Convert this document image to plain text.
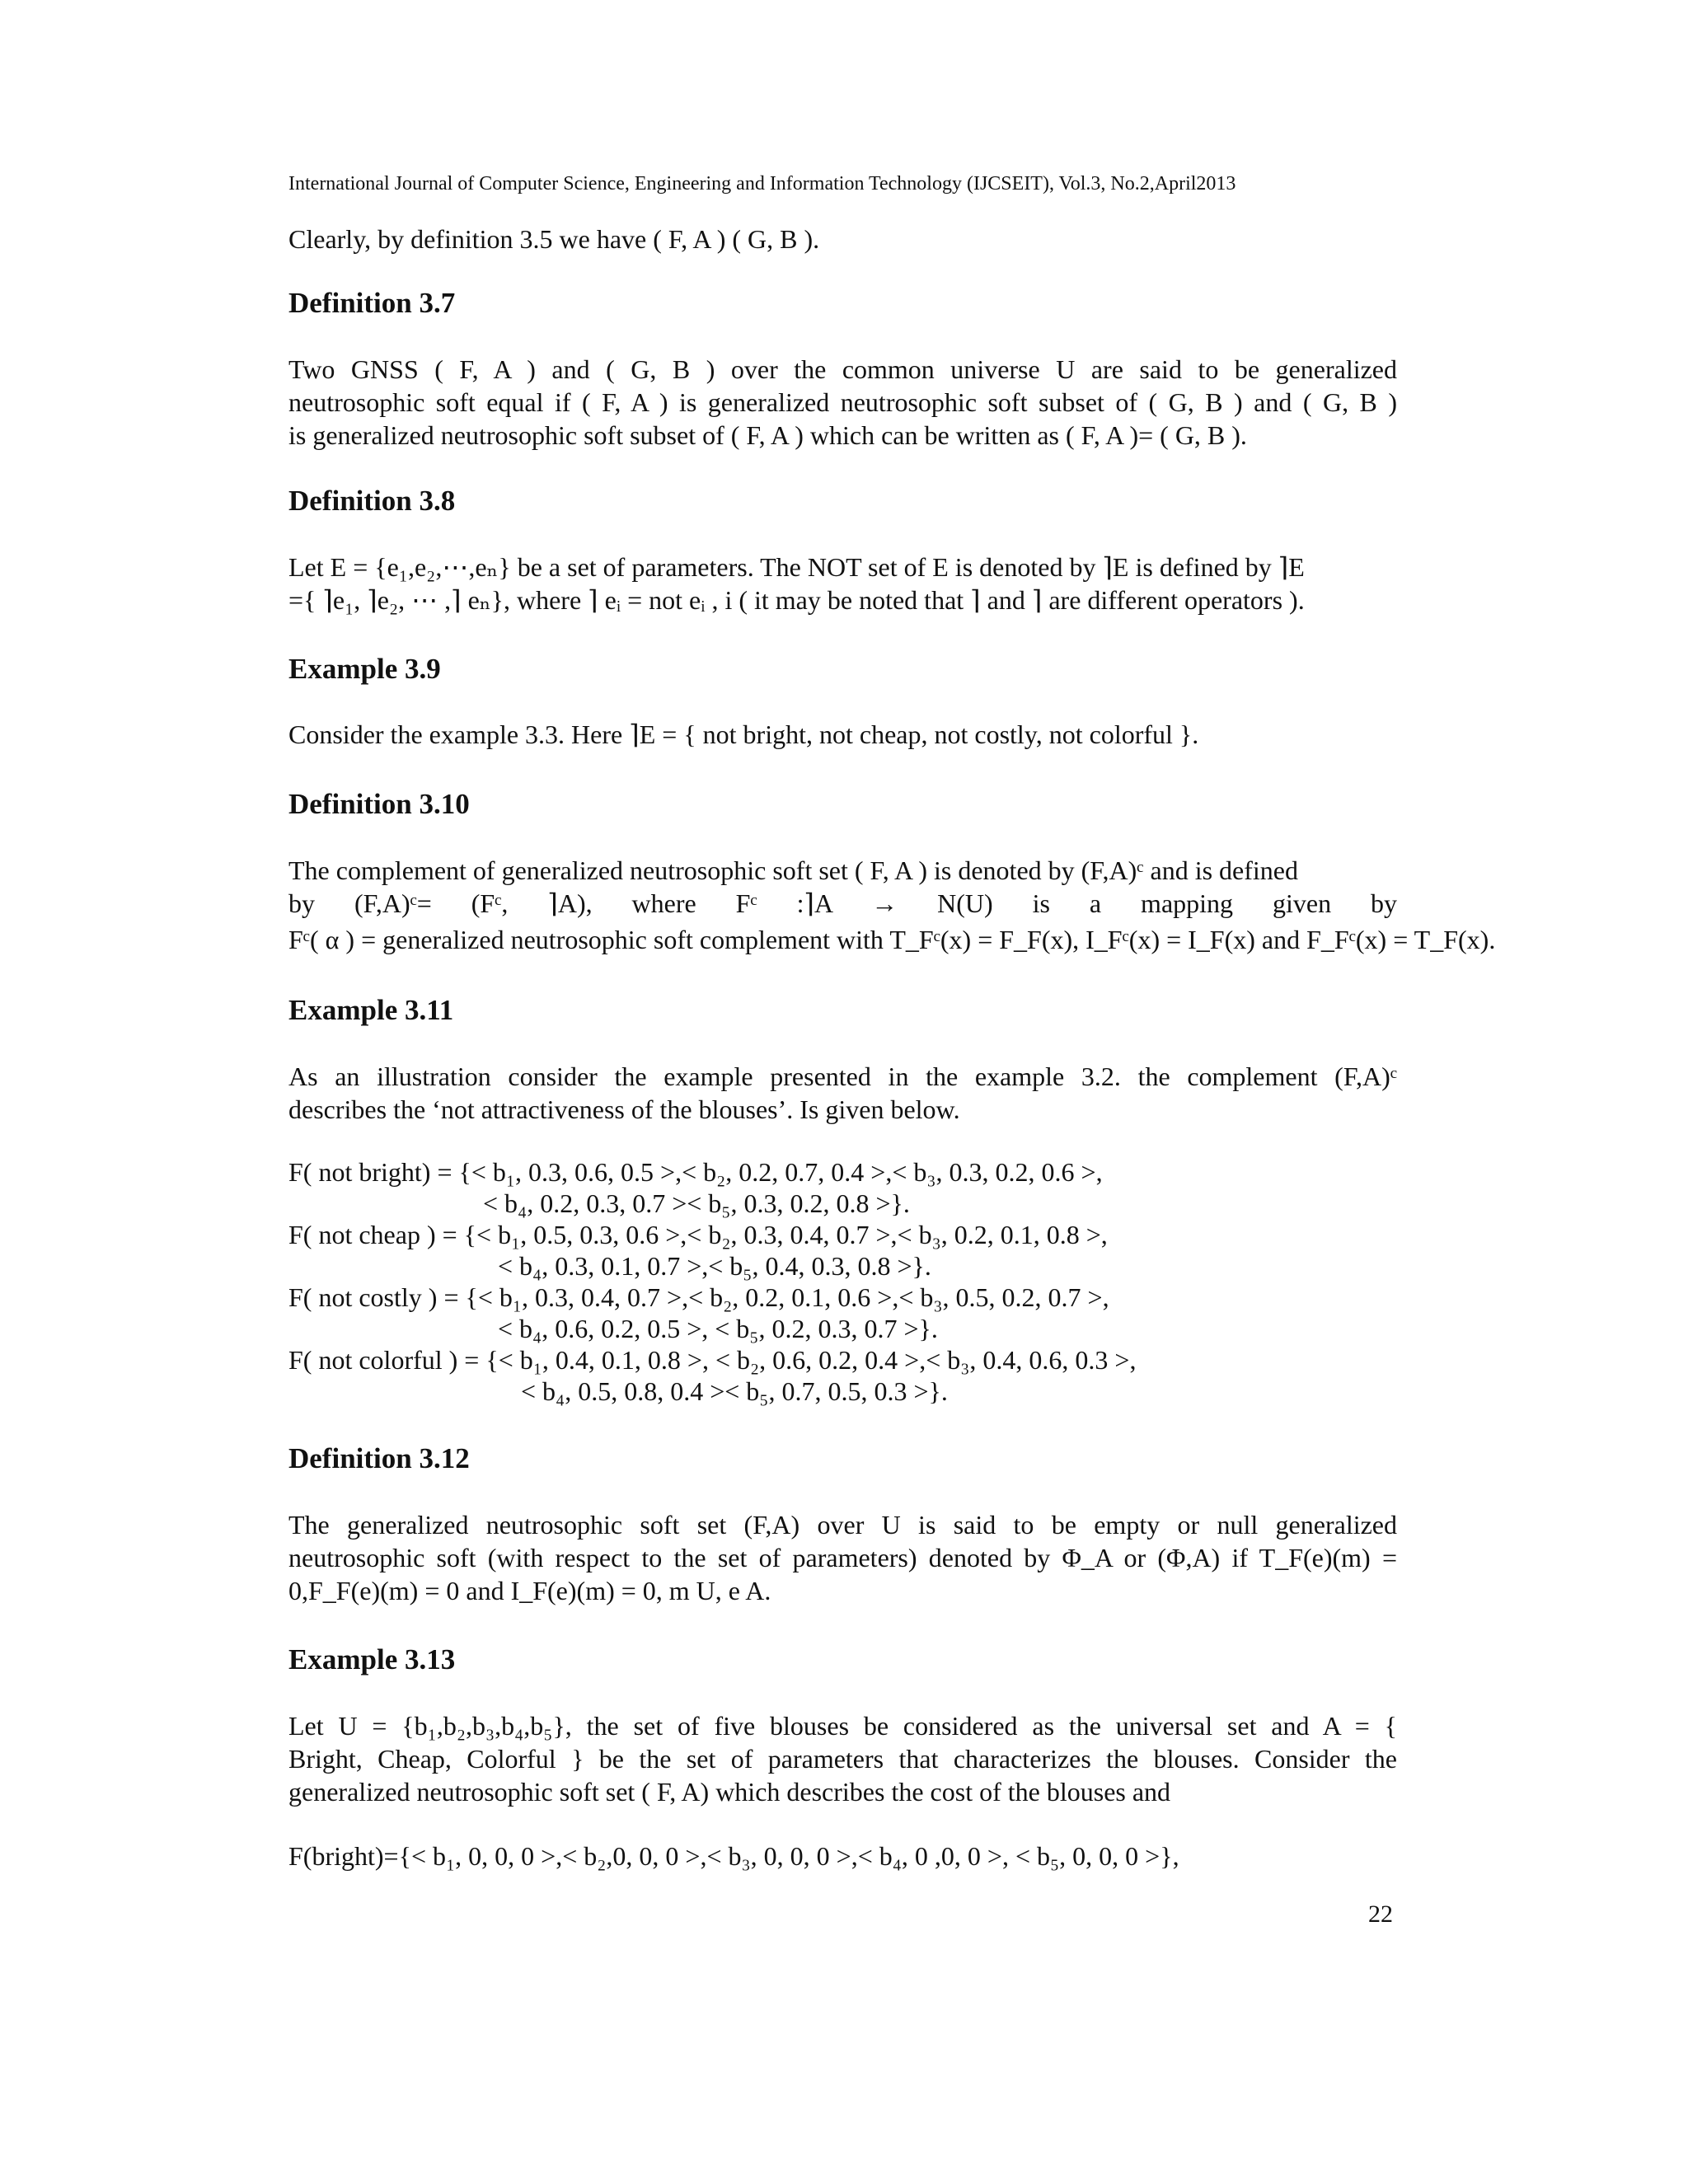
International Journal of Computer Science, Engineering and Information Technology (IJCSEIT), Vol.3, No.2,April2013
Clearly, by definition 3.5 we have ( F, A ) ( G, B ).
Definition 3.7
Two GNSS ( F, A ) and ( G, B ) over the common universe U are said to be generalized
neutrosophic soft equal if ( F, A ) is generalized neutrosophic soft subset of ( G, B ) and ( G, B )
is generalized neutrosophic soft subset of ( F, A ) which can be written as ( F, A )= ( G, B ).
Definition 3.8
Let E = {e₁,e₂,⋯,eₙ} be a set of parameters. The NOT set of E is denoted by ⌉E is defined by ⌉E
={ ⌉e₁, ⌉e₂, ⋯ ,⌉ eₙ}, where ⌉ eᵢ = not eᵢ , i ( it may be noted that ⌉ and ⌉ are different operators ).
Example 3.9
Consider the example 3.3. Here ⌉E = { not bright, not cheap, not costly, not colorful }.
Definition 3.10
The complement of generalized neutrosophic soft set ( F, A ) is denoted by (F,A)ᶜ and is defined
by (F,A)ᶜ= (Fᶜ, ⌉A), where Fᶜ :⌉A → N(U) is a mapping given by
Fᶜ( α ) = generalized neutrosophic soft complement with T_Fᶜ(x) = F_F(x), I_Fᶜ(x) = I_F(x) and F_Fᶜ(x) = T_F(x).
Example 3.11
As an illustration consider the example presented in the example 3.2. the complement (F,A)ᶜ
describes the ‘not attractiveness of the blouses’. Is given below.
F( not bright) = {< b₁, 0.3, 0.6, 0.5 >,< b₂, 0.2, 0.7, 0.4 >,< b₃, 0.3, 0.2, 0.6 >,
< b₄, 0.2, 0.3, 0.7 >< b₅, 0.3, 0.2, 0.8 >}.
F( not cheap ) = {< b₁, 0.5, 0.3, 0.6 >,< b₂, 0.3, 0.4, 0.7 >,< b₃, 0.2, 0.1, 0.8 >,
< b₄, 0.3, 0.1, 0.7 >,< b₅, 0.4, 0.3, 0.8 >}.
F( not costly ) = {< b₁, 0.3, 0.4, 0.7 >,< b₂, 0.2, 0.1, 0.6 >,< b₃, 0.5, 0.2, 0.7 >,
< b₄, 0.6, 0.2, 0.5 >, < b₅, 0.2, 0.3, 0.7 >}.
F( not colorful ) = {< b₁, 0.4, 0.1, 0.8 >, < b₂, 0.6, 0.2, 0.4 >,< b₃, 0.4, 0.6, 0.3 >,
< b₄, 0.5, 0.8, 0.4 >< b₅, 0.7, 0.5, 0.3 >}.
Definition 3.12
The generalized neutrosophic soft set (F,A) over U is said to be empty or null generalized
neutrosophic soft (with respect to the set of parameters) denoted by Φ_A or (Φ,A) if T_F(e)(m) =
0,F_F(e)(m) = 0 and I_F(e)(m) = 0, m U, e A.
Example 3.13
Let U = {b₁,b₂,b₃,b₄,b₅}, the set of five blouses be considered as the universal set and A = {
Bright, Cheap, Colorful } be the set of parameters that characterizes the blouses. Consider the
generalized neutrosophic soft set ( F, A) which describes the cost of the blouses and
F(bright)={< b₁, 0, 0, 0 >,< b₂,0, 0, 0 >,< b₃, 0, 0, 0 >,< b₄, 0 ,0, 0 >, < b₅, 0, 0, 0 >},
22
